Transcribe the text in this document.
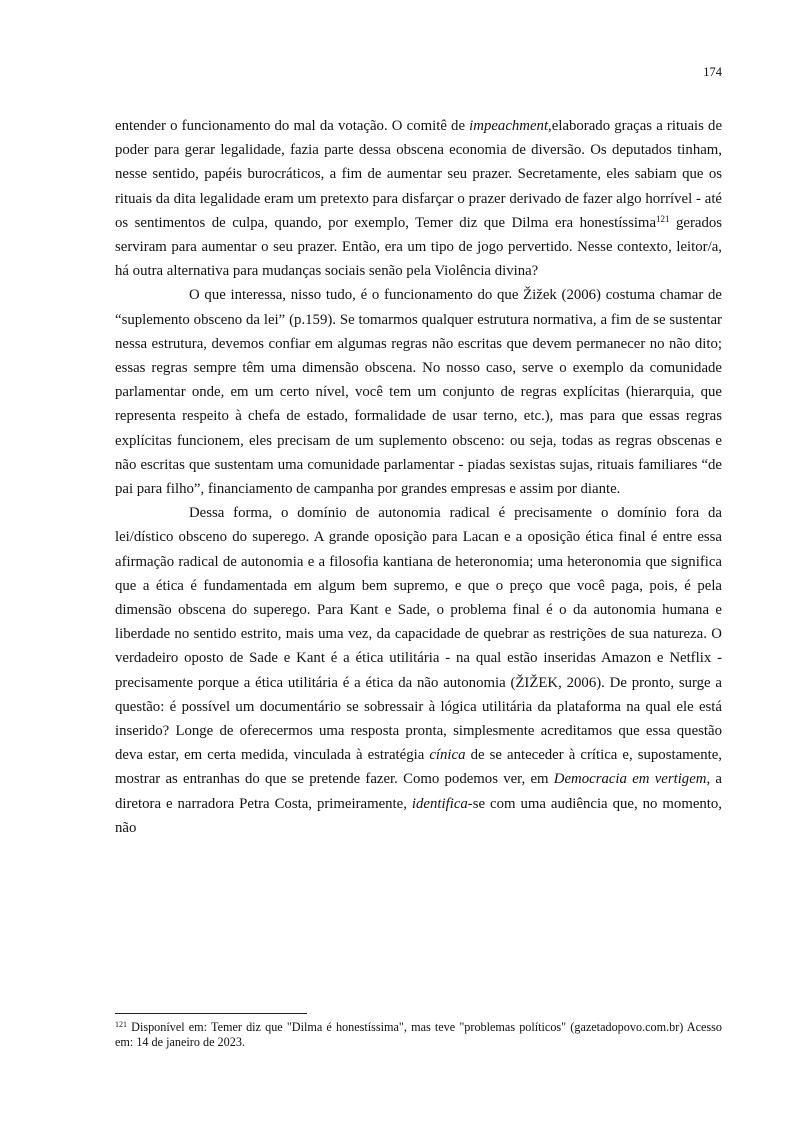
174

entender o funcionamento do mal da votação. O comitê de impeachment,elaborado graças a rituais de poder para gerar legalidade, fazia parte dessa obscena economia de diversão. Os deputados tinham, nesse sentido, papéis burocráticos, a fim de aumentar seu prazer. Secretamente, eles sabiam que os rituais da dita legalidade eram um pretexto para disfarçar o prazer derivado de fazer algo horrível - até os sentimentos de culpa, quando, por exemplo, Temer diz que Dilma era honestíssima$^{121}$ gerados serviram para aumentar o seu prazer. Então, era um tipo de jogo pervertido. Nesse contexto, leitor/a, há outra alternativa para mudanças sociais senão pela Violência divina?

O que interessa, nisso tudo, é o funcionamento do que Žižek (2006) costuma chamar de “suplemento obsceno da lei” (p.159). Se tomarmos qualquer estrutura normativa, a fim de se sustentar nessa estrutura, devemos confiar em algumas regras não escritas que devem permanecer no não dito; essas regras sempre têm uma dimensão obscena. No nosso caso, serve o exemplo da comunidade parlamentar onde, em um certo nível, você tem um conjunto de regras explícitas (hierarquia, que representa respeito à chefa de estado, formalidade de usar terno, etc.), mas para que essas regras explícitas funcionem, eles precisam de um suplemento obsceno: ou seja, todas as regras obscenas e não escritas que sustentam uma comunidade parlamentar - piadas sexistas sujas, rituais familiares “de pai para filho”, financiamento de campanha por grandes empresas e assim por diante.

Dessa forma, o domínio de autonomia radical é precisamente o domínio fora da lei/dístico obsceno do superego. A grande oposição para Lacan e a oposição ética final é entre essa afirmação radical de autonomia e a filosofia kantiana de heteronomia; uma heteronomia que significa que a ética é fundamentada em algum bem supremo, e que o preço que você paga, pois, é pela dimensão obscena do superego. Para Kant e Sade, o problema final é o da autonomia humana e liberdade no sentido estrito, mais uma vez, da capacidade de quebrar as restrições de sua natureza. O verdadeiro oposto de Sade e Kant é a ética utilitária - na qual estão inseridas Amazon e Netflix - precisamente porque a ética utilitária é a ética da não autonomia (ŽIŽEK, 2006). De pronto, surge a questão: é possível um documentário se sobressair à lógica utilitária da plataforma na qual ele está inserido? Longe de oferecermos uma resposta pronta, simplesmente acreditamos que essa questão deva estar, em certa medida, vinculada à estratégia cínica de se anteceder à crítica e, supostamente, mostrar as entranhas do que se pretende fazer. Como podemos ver, em Democracia em vertigem, a diretora e narradora Petra Costa, primeiramente, identifica-se com uma audiência que, no momento, não

$^{121}$ Disponível em: Temer diz que "Dilma é honestíssima", mas teve "problemas políticos" (gazetadopovo.com.br) Acesso em: 14 de janeiro de 2023.
